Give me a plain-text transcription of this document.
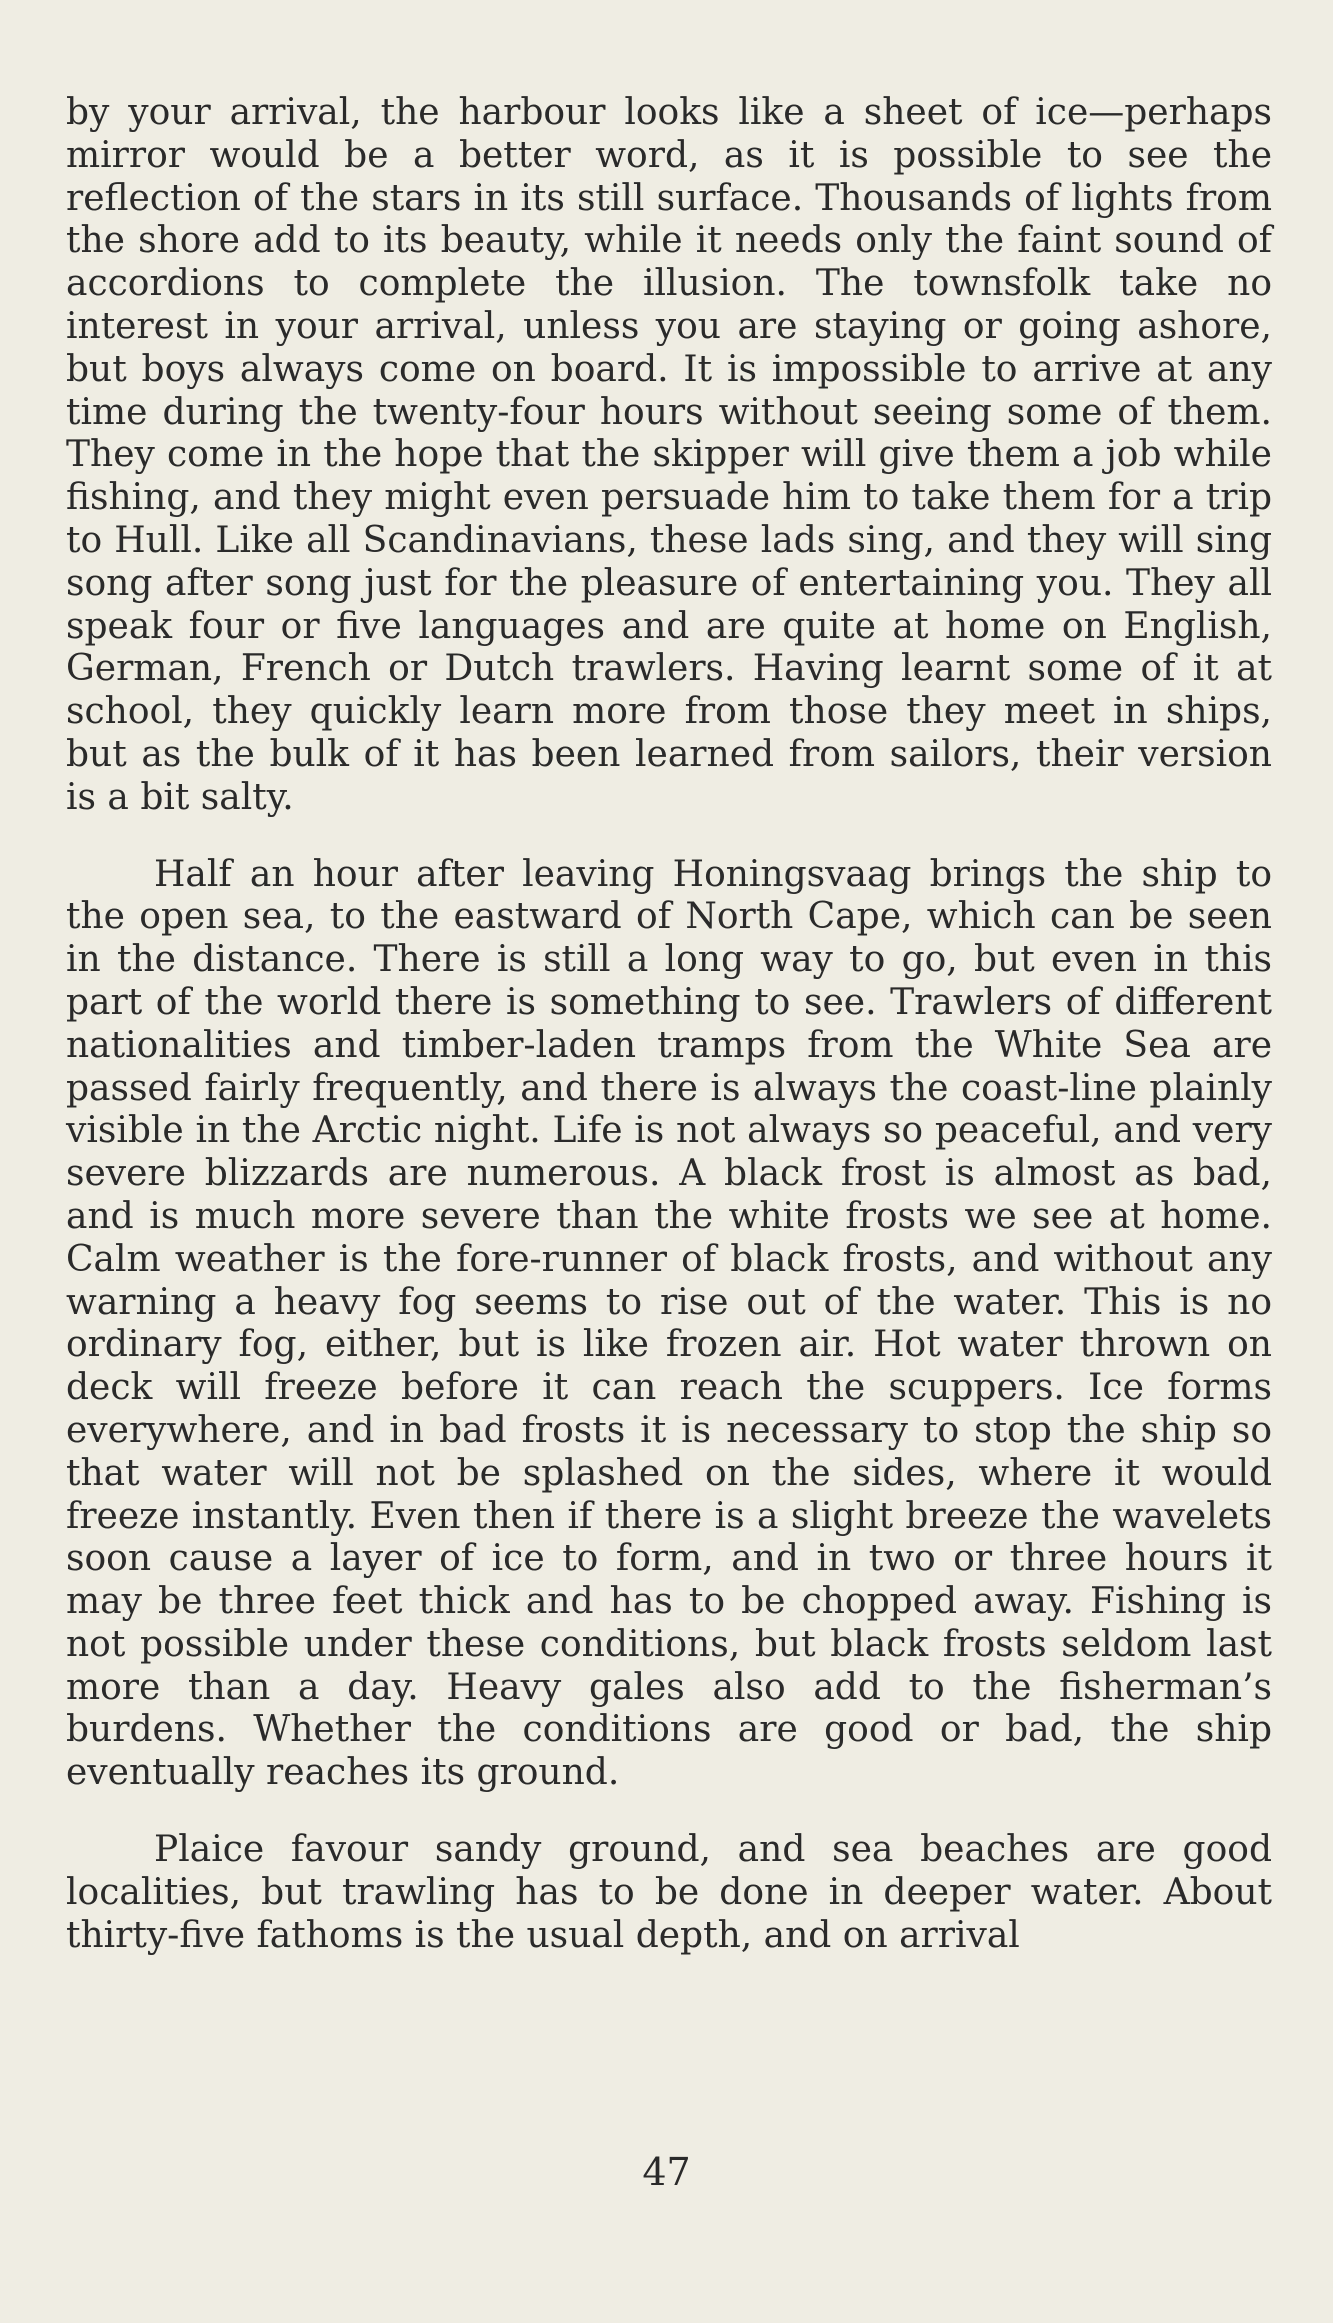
by your arrival, the harbour looks like a sheet of ice—perhaps mirror would be a better word, as it is possible to see the reflection of the stars in its still surface. Thousands of lights from the shore add to its beauty, while it needs only the faint sound of accordions to complete the illusion. The townsfolk take no interest in your arrival, unless you are staying or going ashore, but boys always come on board. It is impossible to arrive at any time during the twenty-four hours without seeing some of them. They come in the hope that the skipper will give them a job while fishing, and they might even persuade him to take them for a trip to Hull. Like all Scandinavians, these lads sing, and they will sing song after song just for the pleasure of entertaining you. They all speak four or five languages and are quite at home on English, German, French or Dutch trawlers. Having learnt some of it at school, they quickly learn more from those they meet in ships, but as the bulk of it has been learned from sailors, their version is a bit salty.

Half an hour after leaving Honingsvaag brings the ship to the open sea, to the eastward of North Cape, which can be seen in the distance. There is still a long way to go, but even in this part of the world there is something to see. Trawlers of different nationalities and timber-laden tramps from the White Sea are passed fairly frequently, and there is always the coast-line plainly visible in the Arctic night. Life is not always so peaceful, and very severe blizzards are numerous. A black frost is almost as bad, and is much more severe than the white frosts we see at home. Calm weather is the fore-runner of black frosts, and without any warning a heavy fog seems to rise out of the water. This is no ordinary fog, either, but is like frozen air. Hot water thrown on deck will freeze before it can reach the scuppers. Ice forms everywhere, and in bad frosts it is necessary to stop the ship so that water will not be splashed on the sides, where it would freeze instantly. Even then if there is a slight breeze the wavelets soon cause a layer of ice to form, and in two or three hours it may be three feet thick and has to be chopped away. Fishing is not possible under these conditions, but black frosts seldom last more than a day. Heavy gales also add to the fisherman’s burdens. Whether the conditions are good or bad, the ship eventually reaches its ground.

Plaice favour sandy ground, and sea beaches are good localities, but trawling has to be done in deeper water. About thirty-five fathoms is the usual depth, and on arrival

47
